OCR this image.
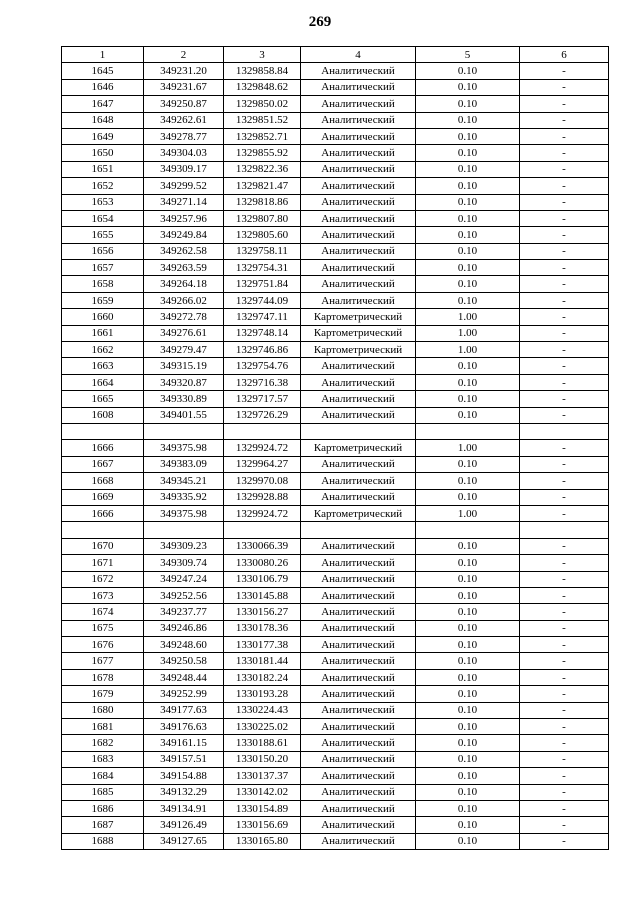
269
1	2	3	4	5	6
1645	349231.20	1329858.84	Аналитический	0.10	-
1646	349231.67	1329848.62	Аналитический	0.10	-
1647	349250.87	1329850.02	Аналитический	0.10	-
1648	349262.61	1329851.52	Аналитический	0.10	-
1649	349278.77	1329852.71	Аналитический	0.10	-
1650	349304.03	1329855.92	Аналитический	0.10	-
1651	349309.17	1329822.36	Аналитический	0.10	-
1652	349299.52	1329821.47	Аналитический	0.10	-
1653	349271.14	1329818.86	Аналитический	0.10	-
1654	349257.96	1329807.80	Аналитический	0.10	-
1655	349249.84	1329805.60	Аналитический	0.10	-
1656	349262.58	1329758.11	Аналитический	0.10	-
1657	349263.59	1329754.31	Аналитический	0.10	-
1658	349264.18	1329751.84	Аналитический	0.10	-
1659	349266.02	1329744.09	Аналитический	0.10	-
1660	349272.78	1329747.11	Картометрический	1.00	-
1661	349276.61	1329748.14	Картометрический	1.00	-
1662	349279.47	1329746.86	Картометрический	1.00	-
1663	349315.19	1329754.76	Аналитический	0.10	-
1664	349320.87	1329716.38	Аналитический	0.10	-
1665	349330.89	1329717.57	Аналитический	0.10	-
1608	349401.55	1329726.29	Аналитический	0.10	-

1666	349375.98	1329924.72	Картометрический	1.00	-
1667	349383.09	1329964.27	Аналитический	0.10	-
1668	349345.21	1329970.08	Аналитический	0.10	-
1669	349335.92	1329928.88	Аналитический	0.10	-
1666	349375.98	1329924.72	Картометрический	1.00	-

1670	349309.23	1330066.39	Аналитический	0.10	-
1671	349309.74	1330080.26	Аналитический	0.10	-
1672	349247.24	1330106.79	Аналитический	0.10	-
1673	349252.56	1330145.88	Аналитический	0.10	-
1674	349237.77	1330156.27	Аналитический	0.10	-
1675	349246.86	1330178.36	Аналитический	0.10	-
1676	349248.60	1330177.38	Аналитический	0.10	-
1677	349250.58	1330181.44	Аналитический	0.10	-
1678	349248.44	1330182.24	Аналитический	0.10	-
1679	349252.99	1330193.28	Аналитический	0.10	-
1680	349177.63	1330224.43	Аналитический	0.10	-
1681	349176.63	1330225.02	Аналитический	0.10	-
1682	349161.15	1330188.61	Аналитический	0.10	-
1683	349157.51	1330150.20	Аналитический	0.10	-
1684	349154.88	1330137.37	Аналитический	0.10	-
1685	349132.29	1330142.02	Аналитический	0.10	-
1686	349134.91	1330154.89	Аналитический	0.10	-
1687	349126.49	1330156.69	Аналитический	0.10	-
1688	349127.65	1330165.80	Аналитический	0.10	-
